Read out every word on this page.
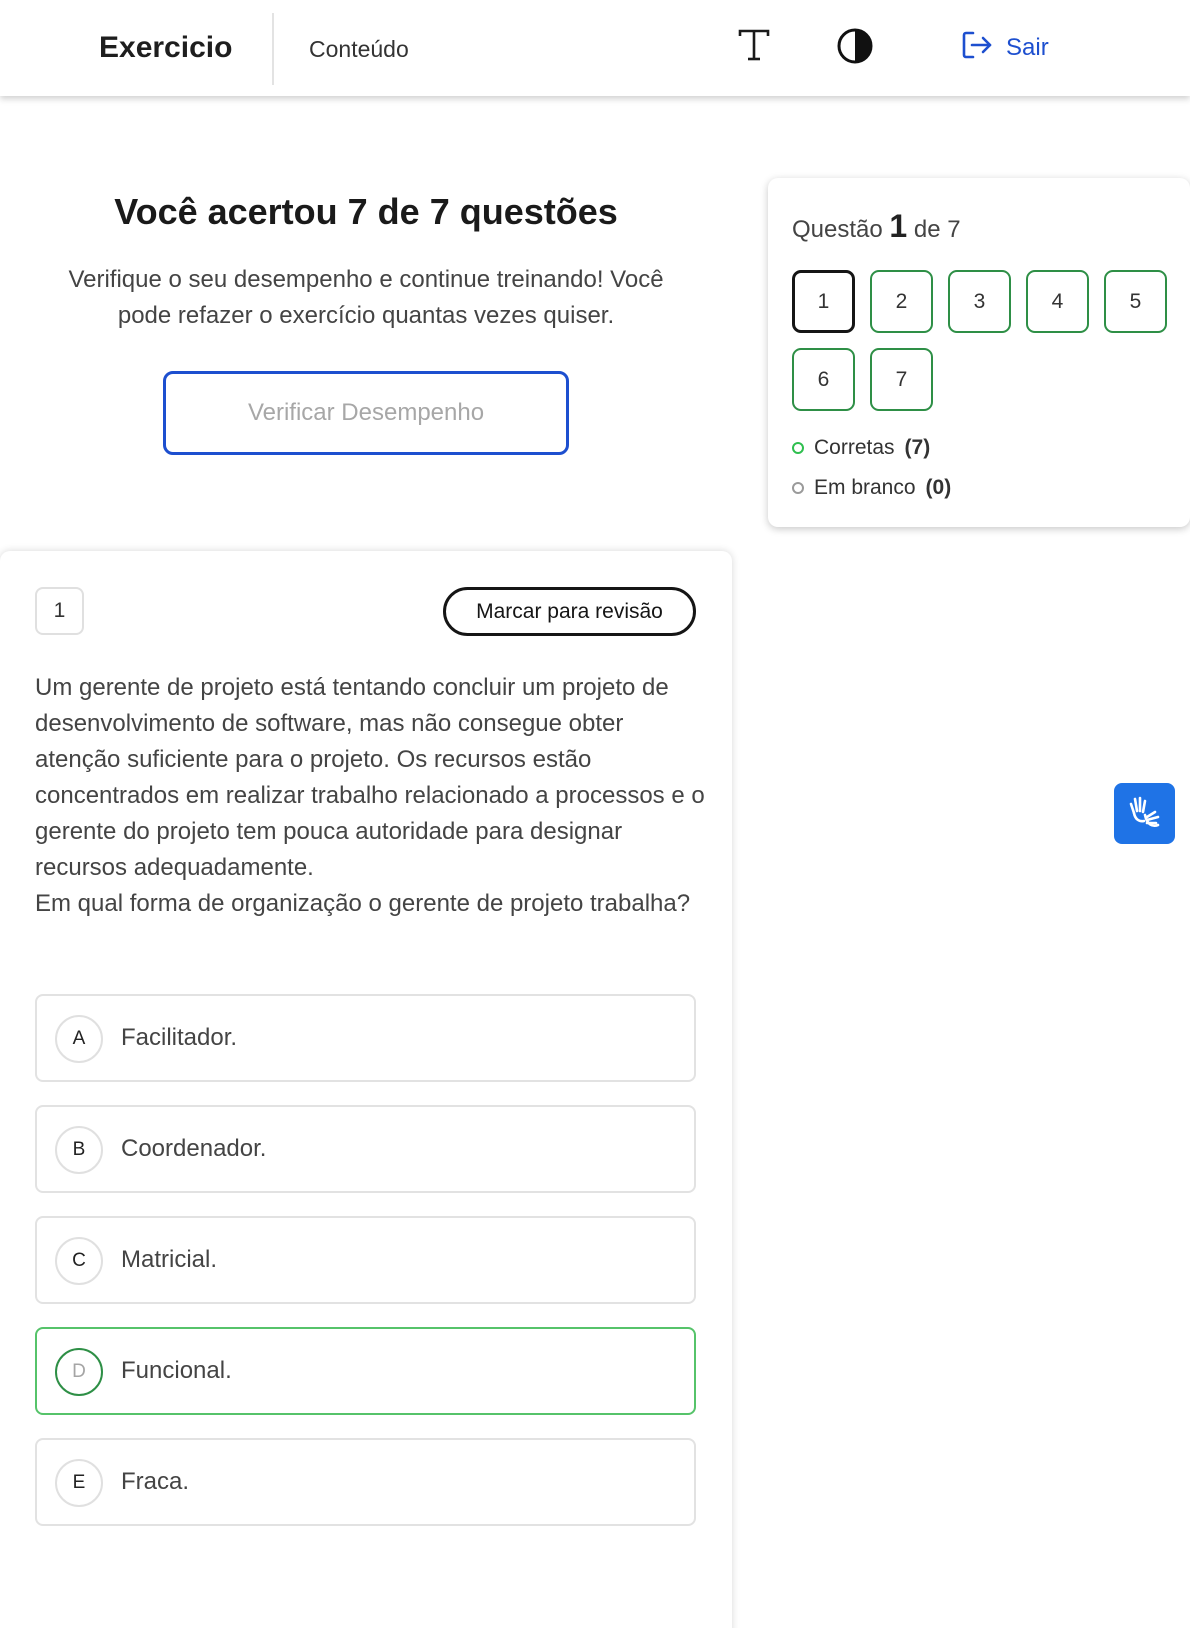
Exercicio	Conteúdo	Sair
Você acertou 7 de 7 questões
Verifique o seu desempenho e continue treinando! Você pode refazer o exercício quantas vezes quiser.
Verificar Desempenho
Questão 1 de 7
1	2	3	4	5
6	7
Corretas (7)
Em branco (0)
1	Marcar para revisão
Um gerente de projeto está tentando concluir um projeto de desenvolvimento de software, mas não consegue obter atenção suficiente para o projeto. Os recursos estão concentrados em realizar trabalho relacionado a processos e o gerente do projeto tem pouca autoridade para designar recursos adequadamente.
Em qual forma de organização o gerente de projeto trabalha?
A	Facilitador.
B	Coordenador.
C	Matricial.
D	Funcional.
E	Fraca.
